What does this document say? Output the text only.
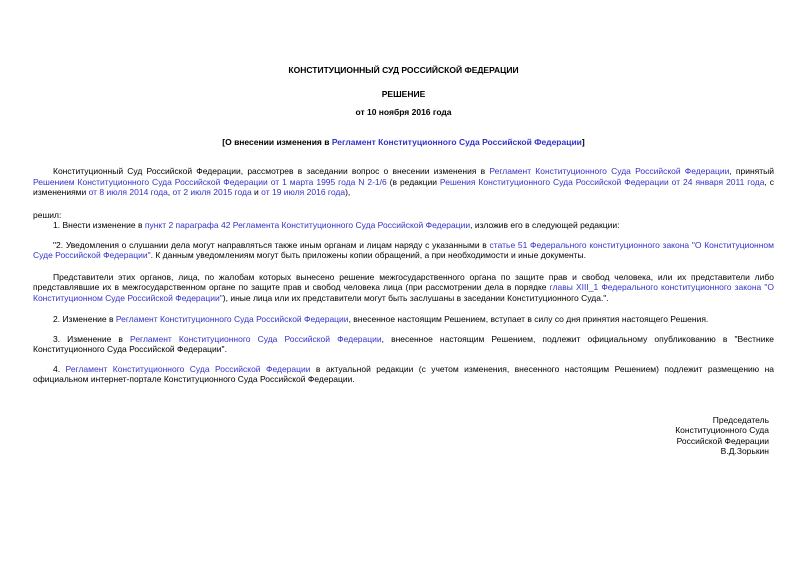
КОНСТИТУЦИОННЫЙ СУД РОССИЙСКОЙ ФЕДЕРАЦИИ
РЕШЕНИЕ
от 10 ноября 2016 года
[О внесении изменения в Регламент Конституционного Суда Российской Федерации]
Конституционный Суд Российской Федерации, рассмотрев в заседании вопрос о внесении изменения в Регламент Конституционного Суда Российской Федерации, принятый Решением Конституционного Суда Российской Федерации от 1 марта 1995 года N 2-1/6 (в редакции Решения Конституционного Суда Российской Федерации от 24 января 2011 года, с изменениями от 8 июля 2014 года, от 2 июля 2015 года и от 19 июля 2016 года),
решил:
1. Внести изменение в пункт 2 параграфа 42 Регламента Конституционного Суда Российской Федерации, изложив его в следующей редакции:
"2. Уведомления о слушании дела могут направляться также иным органам и лицам наряду с указанными в статье 51 Федерального конституционного закона "О Конституционном Суде Российской Федерации". К данным уведомлениям могут быть приложены копии обращений, а при необходимости и иные документы.
Представители этих органов, лица, по жалобам которых вынесено решение межгосударственного органа по защите прав и свобод человека, или их представители либо представлявшие их в межгосударственном органе по защите прав и свобод человека лица (при рассмотрении дела в порядке главы XIII_1 Федерального конституционного закона "О Конституционном Суде Российской Федерации"), иные лица или их представители могут быть заслушаны в заседании Конституционного Суда.".
2. Изменение в Регламент Конституционного Суда Российской Федерации, внесенное настоящим Решением, вступает в силу со дня принятия настоящего Решения.
3. Изменение в Регламент Конституционного Суда Российской Федерации, внесенное настоящим Решением, подлежит официальному опубликованию в "Вестнике Конституционного Суда Российской Федерации".
4. Регламент Конституционного Суда Российской Федерации в актуальной редакции (с учетом изменения, внесенного настоящим Решением) подлежит размещению на официальном интернет-портале Конституционного Суда Российской Федерации.
Председатель
Конституционного Суда
Российской Федерации
В.Д.Зорькин
